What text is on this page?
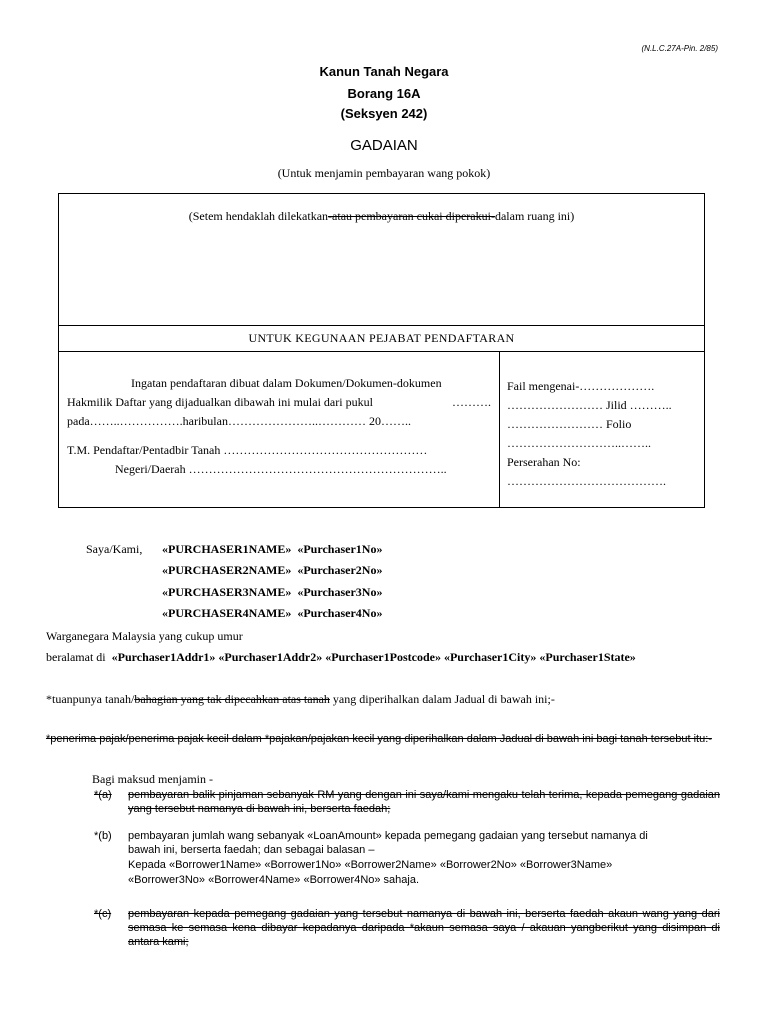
(N.L.C.27A-Pin. 2/85)
Kanun Tanah Negara
Borang 16A
(Seksyen 242)
GADAIAN
(Untuk menjamin pembayaran wang pokok)
(Setem hendaklah dilekatkan-atau pembayaran cukai diperakui-dalam ruang ini)
UNTUK KEGUNAAN PEJABAT PENDAFTARAN
Ingatan pendaftaran dibuat dalam Dokumen/Dokumen-dokumen
Hakmilik Daftar yang dijadualkan dibawah ini mulai dari pukul	……….
pada……..…………….haribulan…………………..………… 20……..
T.M. Pendaftar/Pentadbir Tanah ……………………………………………
Negeri/Daerah ………………………………………………………..
Fail mengenai-……………….
…………………… Jilid ………..
…………………… Folio
………………………..……..
Perserahan No:
………………………………….
Saya/Kami, «PURCHASER1NAME» «Purchaser1No»
«PURCHASER2NAME» «Purchaser2No»
«PURCHASER3NAME» «Purchaser3No»
«PURCHASER4NAME» «Purchaser4No»
Warganegara Malaysia yang cukup umur
beralamat di «Purchaser1Addr1» «Purchaser1Addr2» «Purchaser1Postcode» «Purchaser1City» «Purchaser1State»
*tuanpunya tanah/bahagian yang tak dipecahkan atas tanah yang diperihalkan dalam Jadual di bawah ini;-
*penerima pajak/penerima pajak kecil dalam *pajakan/pajakan kecil yang diperihalkan dalam Jadual di bawah ini bagi tanah tersebut itu:-
Bagi maksud menjamin -
*(a) pembayaran balik pinjaman sebanyak RM yang dengan ini saya/kami mengaku telah terima, kepada pemegang gadaian yang tersebut namanya di bawah ini, berserta faedah;
*(b) pembayaran jumlah wang sebanyak «LoanAmount» kepada pemegang gadaian yang tersebut namanya di
bawah ini, berserta faedah; dan sebagai balasan –
Kepada «Borrower1Name» «Borrower1No» «Borrower2Name» «Borrower2No» «Borrower3Name»
«Borrower3No» «Borrower4Name» «Borrower4No» sahaja.
*(c) pembayaran kepada pemegang gadaian yang tersebut namanya di bawah ini, berserta faedah akaun wang yang dari semasa ke semasa kena dibayar kepadanya daripada *akaun semasa saya / akauan yangberikut yang disimpan di antara kami;
